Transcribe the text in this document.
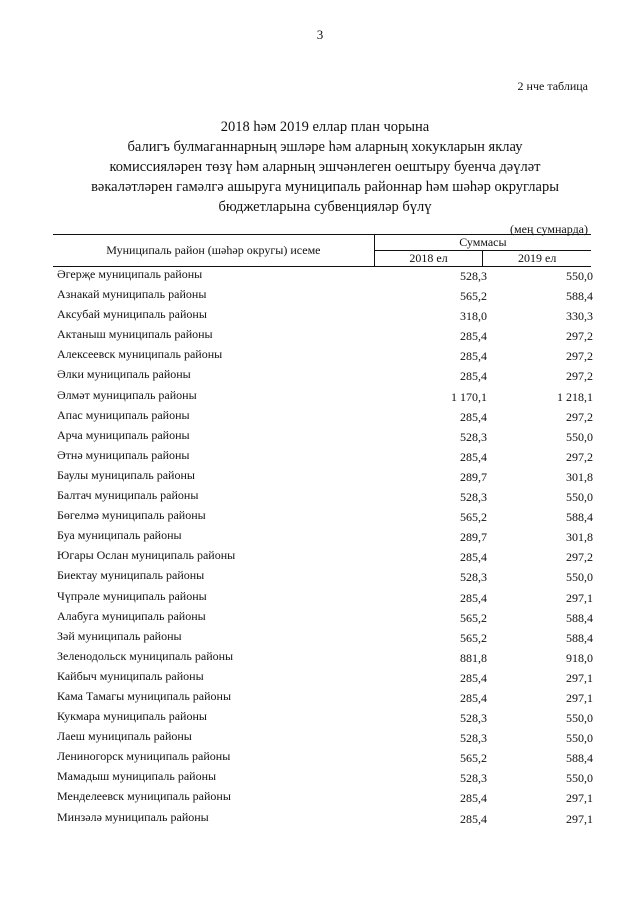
3
2 нче таблица
2018 һәм 2019 еллар план чорына
балигъ булмаганнарның эшләре һәм аларның хокукларын яклау
комиссияләрен төзү һәм аларның эшчәнлеген оештыру буенча дәүләт
вәкаләтләрен гамәлгә ашыруга муниципаль районнар һәм шәһәр округлары
бюджетларына субвенцияләр бүлү
(мең сумнарда)
Муниципаль район (шәһәр округы) исеме	Суммасы	
	2018 ел	2019 ел
Әгерҗе муниципаль районы	528,3	550,0
Азнакай муниципаль районы	565,2	588,4
Аксубай муниципаль районы	318,0	330,3
Актаныш муниципаль районы	285,4	297,2
Алексеевск муниципаль районы	285,4	297,2
Әлки муниципаль районы	285,4	297,2
Әлмәт муниципаль районы	1 170,1	1 218,1
Апас муниципаль районы	285,4	297,2
Арча муниципаль районы	528,3	550,0
Әтнә муниципаль районы	285,4	297,2
Баулы муниципаль районы	289,7	301,8
Балтач муниципаль районы	528,3	550,0
Бөгелмә муниципаль районы	565,2	588,4
Буа муниципаль районы	289,7	301,8
Югары Ослан муниципаль районы	285,4	297,2
Биектау муниципаль районы	528,3	550,0
Чүпрәле муниципаль районы	285,4	297,1
Алабуга муниципаль районы	565,2	588,4
Зәй муниципаль районы	565,2	588,4
Зеленодольск муниципаль районы	881,8	918,0
Кайбыч муниципаль районы	285,4	297,1
Кама Тамагы муниципаль районы	285,4	297,1
Кукмара муниципаль районы	528,3	550,0
Лаеш муниципаль районы	528,3	550,0
Лениногорск муниципаль районы	565,2	588,4
Мамадыш муниципаль районы	528,3	550,0
Менделеевск муниципаль районы	285,4	297,1
Минзәлә муниципаль районы	285,4	297,1
